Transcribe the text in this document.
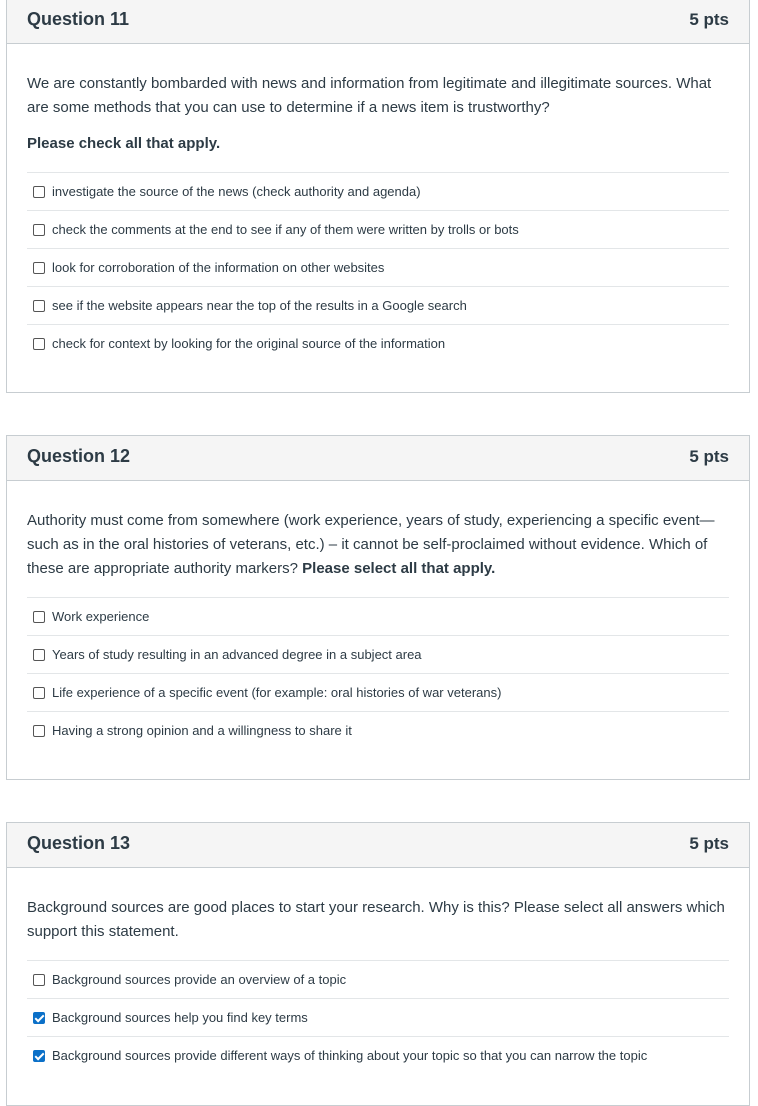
Question 11	5 pts

We are constantly bombarded with news and information from legitimate and illegitimate sources. What are some methods that you can use to determine if a news item is trustworthy?

Please check all that apply.

investigate the source of the news (check authority and agenda)
check the comments at the end to see if any of them were written by trolls or bots
look for corroboration of the information on other websites
see if the website appears near the top of the results in a Google search
check for context by looking for the original source of the information
Question 12	5 pts

Authority must come from somewhere (work experience, years of study, experiencing a specific event—such as in the oral histories of veterans, etc.) – it cannot be self-proclaimed without evidence. Which of these are appropriate authority markers? Please select all that apply.

Work experience
Years of study resulting in an advanced degree in a subject area
Life experience of a specific event (for example: oral histories of war veterans)
Having a strong opinion and a willingness to share it
Question 13	5 pts

Background sources are good places to start your research. Why is this? Please select all answers which support this statement.

Background sources provide an overview of a topic
Background sources help you find key terms
Background sources provide different ways of thinking about your topic so that you can narrow the topic
